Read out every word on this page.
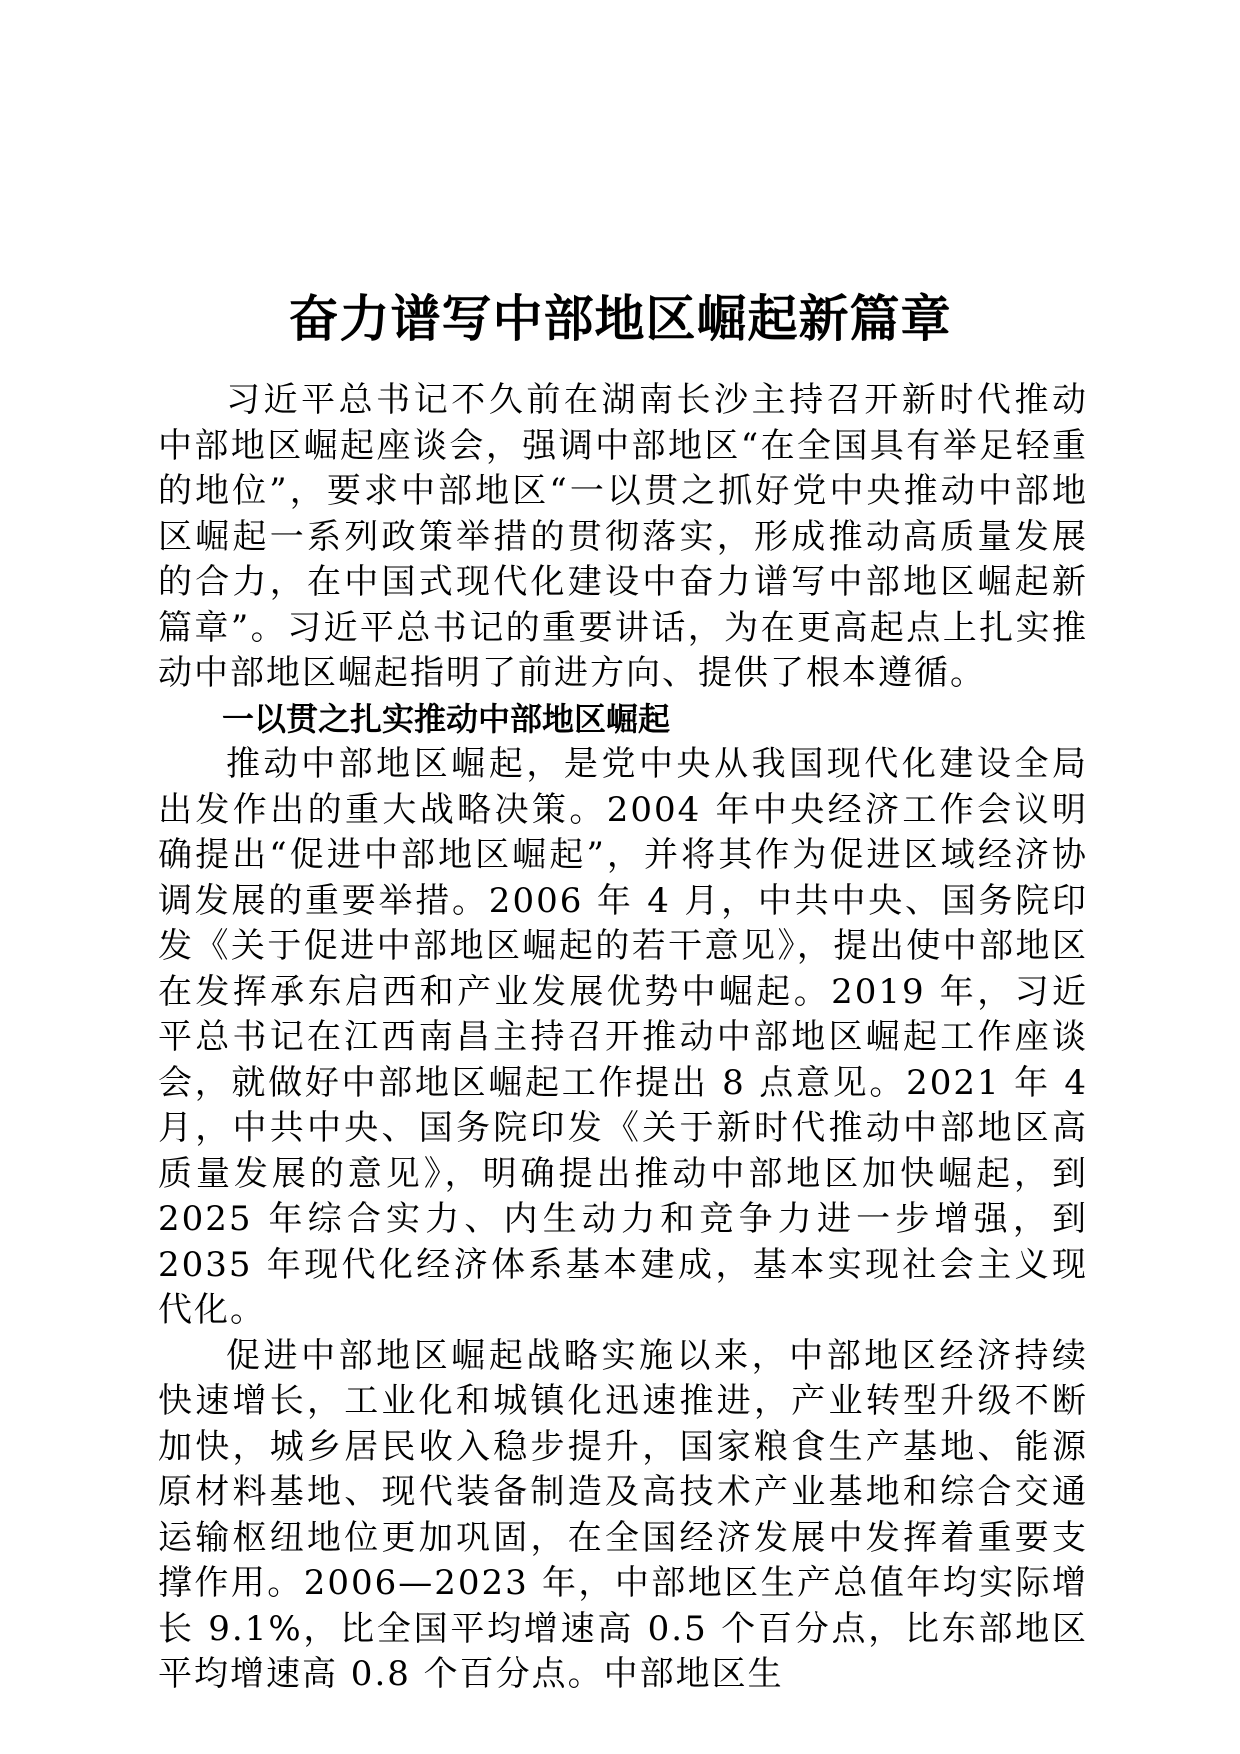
奋力谱写中部地区崛起新篇章

习近平总书记不久前在湖南长沙主持召开新时代推动中部地区崛起座谈会，强调中部地区“在全国具有举足轻重的地位”，要求中部地区“一以贯之抓好党中央推动中部地区崛起一系列政策举措的贯彻落实，形成推动高质量发展的合力，在中国式现代化建设中奋力谱写中部地区崛起新篇章”。习近平总书记的重要讲话，为在更高起点上扎实推动中部地区崛起指明了前进方向、提供了根本遵循。

一以贯之扎实推动中部地区崛起

推动中部地区崛起，是党中央从我国现代化建设全局出发作出的重大战略决策。2004 年中央经济工作会议明确提出“促进中部地区崛起”，并将其作为促进区域经济协调发展的重要举措。2006 年 4 月，中共中央、国务院印发《关于促进中部地区崛起的若干意见》，提出使中部地区在发挥承东启西和产业发展优势中崛起。2019 年，习近平总书记在江西南昌主持召开推动中部地区崛起工作座谈会，就做好中部地区崛起工作提出 8 点意见。2021 年 4 月，中共中央、国务院印发《关于新时代推动中部地区高质量发展的意见》，明确提出推动中部地区加快崛起，到 2025 年综合实力、内生动力和竞争力进一步增强，到 2035 年现代化经济体系基本建成，基本实现社会主义现代化。

促进中部地区崛起战略实施以来，中部地区经济持续快速增长，工业化和城镇化迅速推进，产业转型升级不断加快，城乡居民收入稳步提升，国家粮食生产基地、能源原材料基地、现代装备制造及高技术产业基地和综合交通运输枢纽地位更加巩固，在全国经济发展中发挥着重要支撑作用。2006—2023 年，中部地区生产总值年均实际增长 9.1%，比全国平均增速高 0.5 个百分点，比东部地区平均增速高 0.8 个百分点。中部地区生
